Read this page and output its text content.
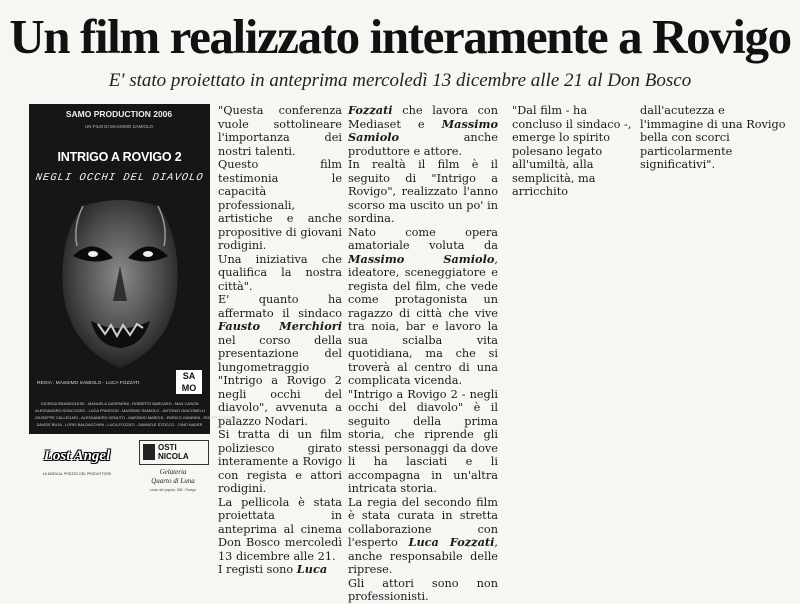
Un film realizzato interamente a Rovigo
E' stato proiettato in anteprima mercoledì 13 dicembre alle 21 al Don Bosco
SAMO PRODUCTION 2006
UN FILM DI MASSIMO SAMIOLO
INTRIGO A ROVIGO 2
NEGLI OCCHI DEL DIAVOLO
REGIA : MASSIMO SAMIOLO - LUCA FOZZATI
SA
MO
GIORGIA BRANDOLESE - MANUELA GASPARINI - ROBERTO BARCARO - MAX CASON
ALESSANDRO SONCOSSO - LUCA FRASSON - MASSIMO SAMIOLO - ANTONIO GIACOMELLI
GIUSEPPE CALLEGARI - ALESSANDRO VENUTO - MASSIMO MARCHI - ENRICO GIANNINI - ROBERTO MORELLI
DAVIDE BUJA - LORIS BALDACCHINI - LUCA FOZZATI - SAMUELE STOCCO - GINO NADER
Lost Angel
LA MODA AL PREZZO DEL PRODUTTORE
OSTI
NICOLA
Gelateria
Quarto di Luna
corso del popolo, 308 - Rovigo

"Questa conferenza vuole sottolineare l'importanza dei nostri talenti.

Questo film testimonia le capacità professionali, artistiche e anche propositive di giovani rodigini.

Una iniziativa che qualifica la nostra città".

E' quanto ha affermato il sindaco Fausto Merchiori nel corso della presentazione del lungometraggio "Intrigo a Rovigo 2 negli occhi del diavolo", avvenuta a palazzo Nodari.

Si tratta di un film poliziesco girato interamente a Rovigo con regista e attori rodigini.

La pellicola è stata proiettata in anteprima al cinema Don Bosco mercoledì 13 dicembre alle 21.

I registi sono Luca

Fozzati che lavora con Mediaset e Massimo Samiolo	anche produttore e attore.

In realtà il film è il seguito di "Intrigo a Rovigo", realizzato l'anno scorso ma uscito un po' in sordina.

Nato come opera amatoriale voluta da Massimo Samiolo, ideatore, sceneggiatore e regista del film, che vede come protagonista un ragazzo di città che vive tra noia, bar e lavoro la sua scialba vita quotidiana, ma che si troverà al centro di una complicata vicenda.

"Intrigo a Rovigo 2 - negli occhi del diavolo" è il seguito della prima storia, che riprende gli stessi personaggi da dove li ha lasciati e li accompagna in un'altra intricata storia.

La regia del secondo film è stata curata in stretta collaborazione con l'esperto Luca Fozzati, anche responsabile delle riprese.

Gli attori sono non professionisti.

"Dal film - ha concluso il sindaco -, emerge lo spirito polesano legato all'umiltà, alla semplicità, ma arricchito

dall'acutezza e l'immagine di una Rovigo bella con scorci particolarmente significativi".
